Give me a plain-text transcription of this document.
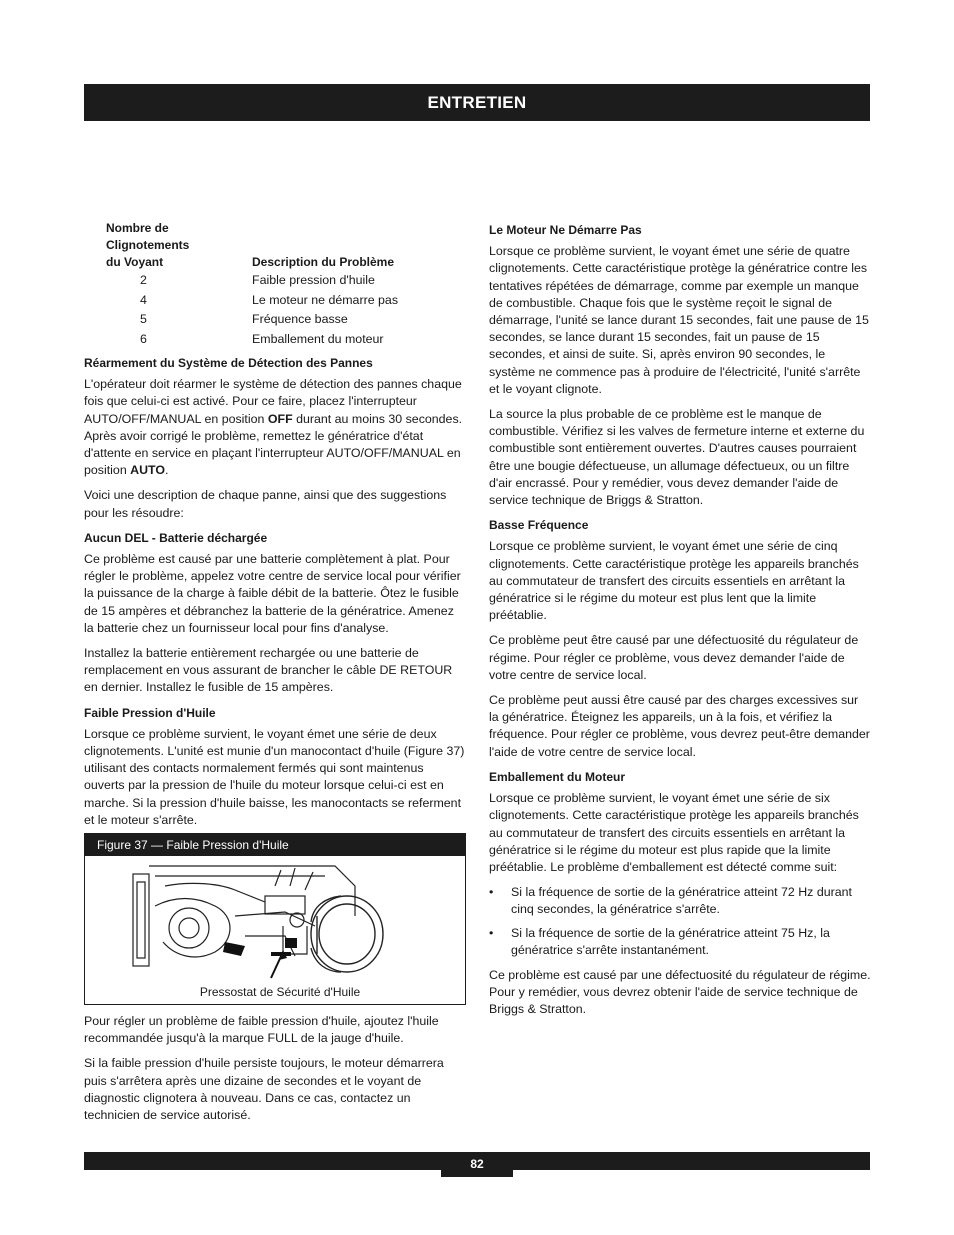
ENTRETIEN
Nombre de
Clignotements
du Voyant	Description du Problème
2	Faible pression d'huile
4	Le moteur ne démarre pas
5	Fréquence basse
6	Emballement du moteur
Réarmement du Système de Détection des Pannes

L'opérateur doit réarmer le système de détection des pannes chaque fois que celui-ci est activé. Pour ce faire, placez l'interrupteur AUTO/OFF/MANUAL en position OFF durant au moins 30 secondes. Après avoir corrigé le problème, remettez le génératrice d'état d'attente en service en plaçant l'interrupteur AUTO/OFF/MANUAL en position AUTO.

Voici une description de chaque panne, ainsi que des suggestions pour les résoudre:

Aucun DEL - Batterie déchargée

Ce problème est causé par une batterie complètement à plat. Pour régler le problème, appelez votre centre de service local pour vérifier la puissance de la charge à faible débit de la batterie. Ôtez le fusible de 15 ampères et débranchez la batterie de la génératrice. Amenez la batterie chez un fournisseur local pour fins d'analyse.

Installez la batterie entièrement rechargée ou une batterie de remplacement en vous assurant de brancher le câble DE RETOUR en dernier. Installez le fusible de 15 ampères.

Faible Pression d'Huile

Lorsque ce problème survient, le voyant émet une série de deux clignotements. L'unité est munie d'un manocontact d'huile (Figure 37) utilisant des contacts normalement fermés qui sont maintenus ouverts par la pression de l'huile du moteur lorsque celui-ci est en marche. Si la pression d'huile baisse, les manocontacts se referment et le moteur s'arrête.

Figure 37 — Faible Pression d'Huile
Pressostat de Sécurité d'Huile

Pour régler un problème de faible pression d'huile, ajoutez l'huile recommandée jusqu'à la marque FULL de la jauge d'huile.

Si la faible pression d'huile persiste toujours, le moteur démarrera puis s'arrêtera après une dizaine de secondes et le voyant de diagnostic clignotera à nouveau. Dans ce cas, contactez un technicien de service autorisé.

Le Moteur Ne Démarre Pas

Lorsque ce problème survient, le voyant émet une série de quatre clignotements. Cette caractéristique protège la génératrice contre les tentatives répétées de démarrage, comme par exemple un manque de combustible. Chaque fois que le système reçoit le signal de démarrage, l'unité se lance durant 15 secondes, fait une pause de 15 secondes, se lance durant 15 secondes, fait un pause de 15 secondes, et ainsi de suite. Si, après environ 90 secondes, le système ne commence pas à produire de l'électricité, l'unité s'arrête et le voyant clignote.

La source la plus probable de ce problème est le manque de combustible. Vérifiez si les valves de fermeture interne et externe du combustible sont entièrement ouvertes. D'autres causes pourraient être une bougie défectueuse, un allumage défectueux, ou un filtre d'air encrassé. Pour y remédier, vous devez demander l'aide de service technique de Briggs & Stratton.

Basse Fréquence

Lorsque ce problème survient, le voyant émet une série de cinq clignotements. Cette caractéristique protège les appareils branchés au commutateur de transfert des circuits essentiels en arrêtant la génératrice si le régime du moteur est plus lent que la limite préétablie.

Ce problème peut être causé par une défectuosité du régulateur de régime. Pour régler ce problème, vous devez demander l'aide de votre centre de service local.

Ce problème peut aussi être causé par des charges excessives sur la génératrice. Éteignez les appareils, un à la fois, et vérifiez la fréquence. Pour régler ce problème, vous devrez peut-être demander l'aide de votre centre de service local.

Emballement du Moteur

Lorsque ce problème survient, le voyant émet une série de six clignotements. Cette caractéristique protège les appareils branchés au commutateur de transfert des circuits essentiels en arrêtant la génératrice si le régime du moteur est plus rapide que la limite préétablie. Le problème d'emballement est détecté comme suit:

• Si la fréquence de sortie de la génératrice atteint 72 Hz durant cinq secondes, la génératrice s'arrête.
• Si la fréquence de sortie de la génératrice atteint 75 Hz, la génératrice s'arrête instantanément.

Ce problème est causé par une défectuosité du régulateur de régime. Pour y remédier, vous devrez obtenir l'aide de service technique de Briggs & Stratton.

82
